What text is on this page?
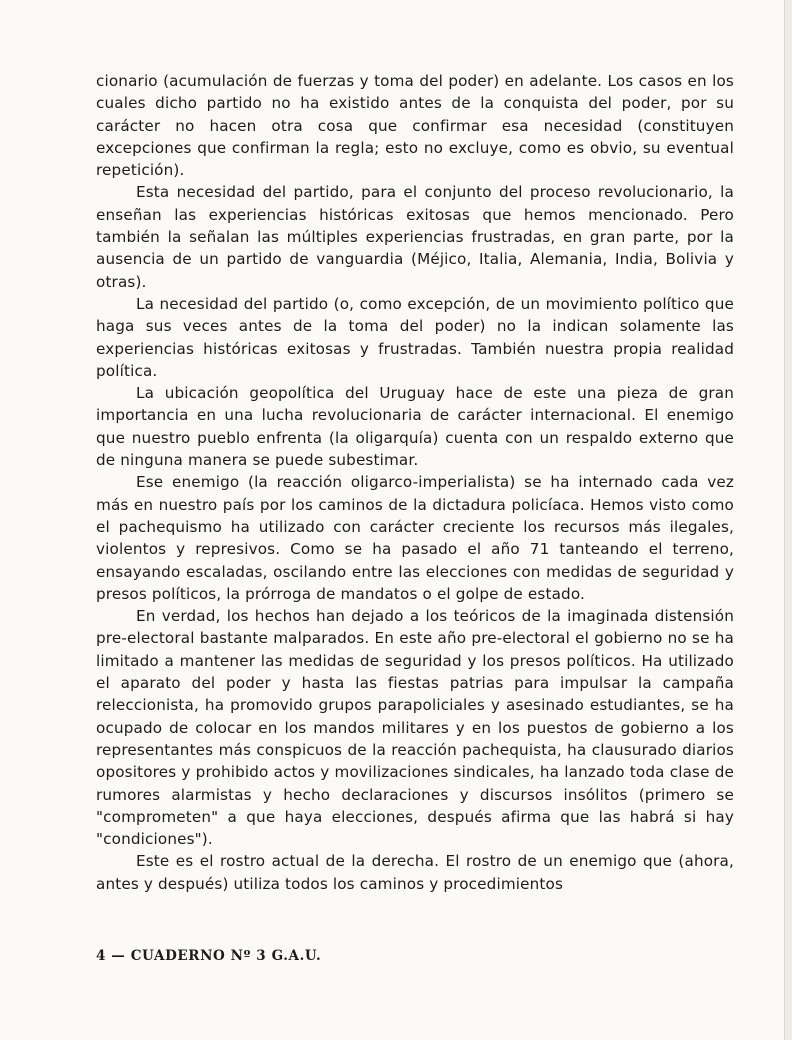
cionario (acumulación de fuerzas y toma del poder) en adelante. Los casos en los cuales dicho partido no ha existido antes de la conquista del poder, por su carácter no hacen otra cosa que confirmar esa necesidad (constituyen excepciones que confirman la regla; esto no excluye, como es obvio, su eventual repetición).

Esta necesidad del partido, para el conjunto del proceso revolucionario, la enseñan las experiencias históricas exitosas que hemos mencionado. Pero también la señalan las múltiples experiencias frustradas, en gran parte, por la ausencia de un partido de vanguardia (Méjico, Italia, Alemania, India, Bolivia y otras).

La necesidad del partido (o, como excepción, de un movimiento político que haga sus veces antes de la toma del poder) no la indican solamente las experiencias históricas exitosas y frustradas. También nuestra propia realidad política.

La ubicación geopolítica del Uruguay hace de este una pieza de gran importancia en una lucha revolucionaria de carácter internacional. El enemigo que nuestro pueblo enfrenta (la oligarquía) cuenta con un respaldo externo que de ninguna manera se puede subestimar.

Ese enemigo (la reacción oligarco-imperialista) se ha internado cada vez más en nuestro país por los caminos de la dictadura policíaca. Hemos visto como el pachequismo ha utilizado con carácter creciente los recursos más ilegales, violentos y represivos. Como se ha pasado el año 71 tanteando el terreno, ensayando escaladas, oscilando entre las elecciones con medidas de seguridad y presos políticos, la prórroga de mandatos o el golpe de estado.

En verdad, los hechos han dejado a los teóricos de la imaginada distensión pre-electoral bastante malparados. En este año pre-electoral el gobierno no se ha limitado a mantener las medidas de seguridad y los presos políticos. Ha utilizado el aparato del poder y hasta las fiestas patrias para impulsar la campaña releccionista, ha promovido grupos parapoliciales y asesinado estudiantes, se ha ocupado de colocar en los mandos militares y en los puestos de gobierno a los representantes más conspicuos de la reacción pachequista, ha clausurado diarios opositores y prohibido actos y movilizaciones sindicales, ha lanzado toda clase de rumores alarmistas y hecho declaraciones y discursos insólitos (primero se "comprometen" a que haya elecciones, después afirma que las habrá si hay "condiciones").

Este es el rostro actual de la derecha. El rostro de un enemigo que (ahora, antes y después) utiliza todos los caminos y procedimientos

4 — CUADERNO Nº 3 G.A.U.
